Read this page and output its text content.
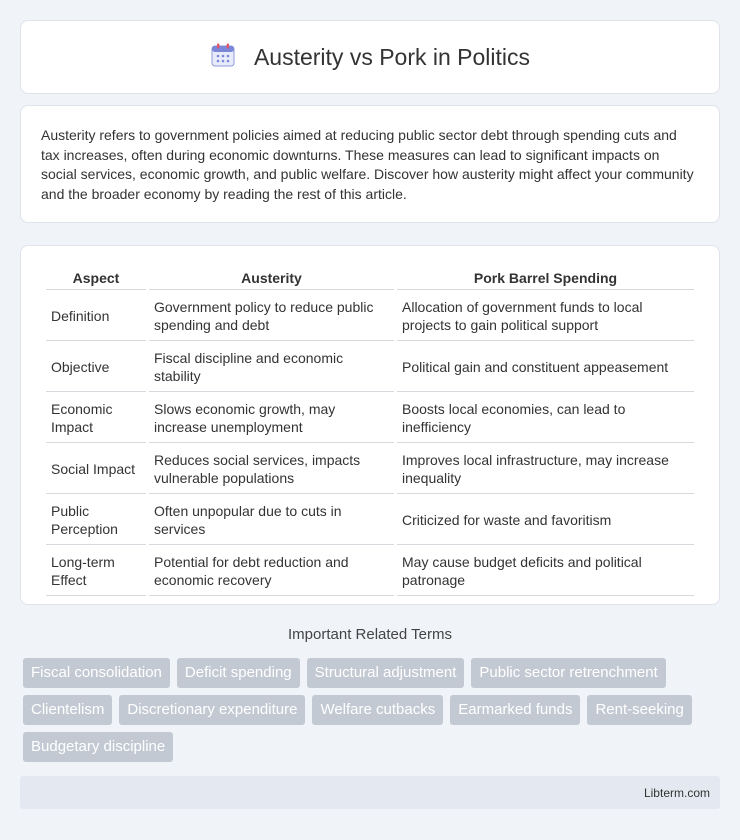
Austerity vs Pork in Politics

Austerity refers to government policies aimed at reducing public sector debt through spending cuts and tax increases, often during economic downturns. These measures can lead to significant impacts on social services, economic growth, and public welfare. Discover how austerity might affect your community and the broader economy by reading the rest of this article.

Aspect	Austerity	Pork Barrel Spending
Definition	Government policy to reduce public spending and debt	Allocation of government funds to local projects to gain political support
Objective	Fiscal discipline and economic stability	Political gain and constituent appeasement
Economic Impact	Slows economic growth, may increase unemployment	Boosts local economies, can lead to inefficiency
Social Impact	Reduces social services, impacts vulnerable populations	Improves local infrastructure, may increase inequality
Public Perception	Often unpopular due to cuts in services	Criticized for waste and favoritism
Long-term Effect	Potential for debt reduction and economic recovery	May cause budget deficits and political patronage
Important Related Terms
Fiscal consolidation	Deficit spending	Structural adjustment	Public sector retrenchment
Clientelism	Discretionary expenditure	Welfare cutbacks	Earmarked funds	Rent-seeking
Budgetary discipline
Libterm.com
